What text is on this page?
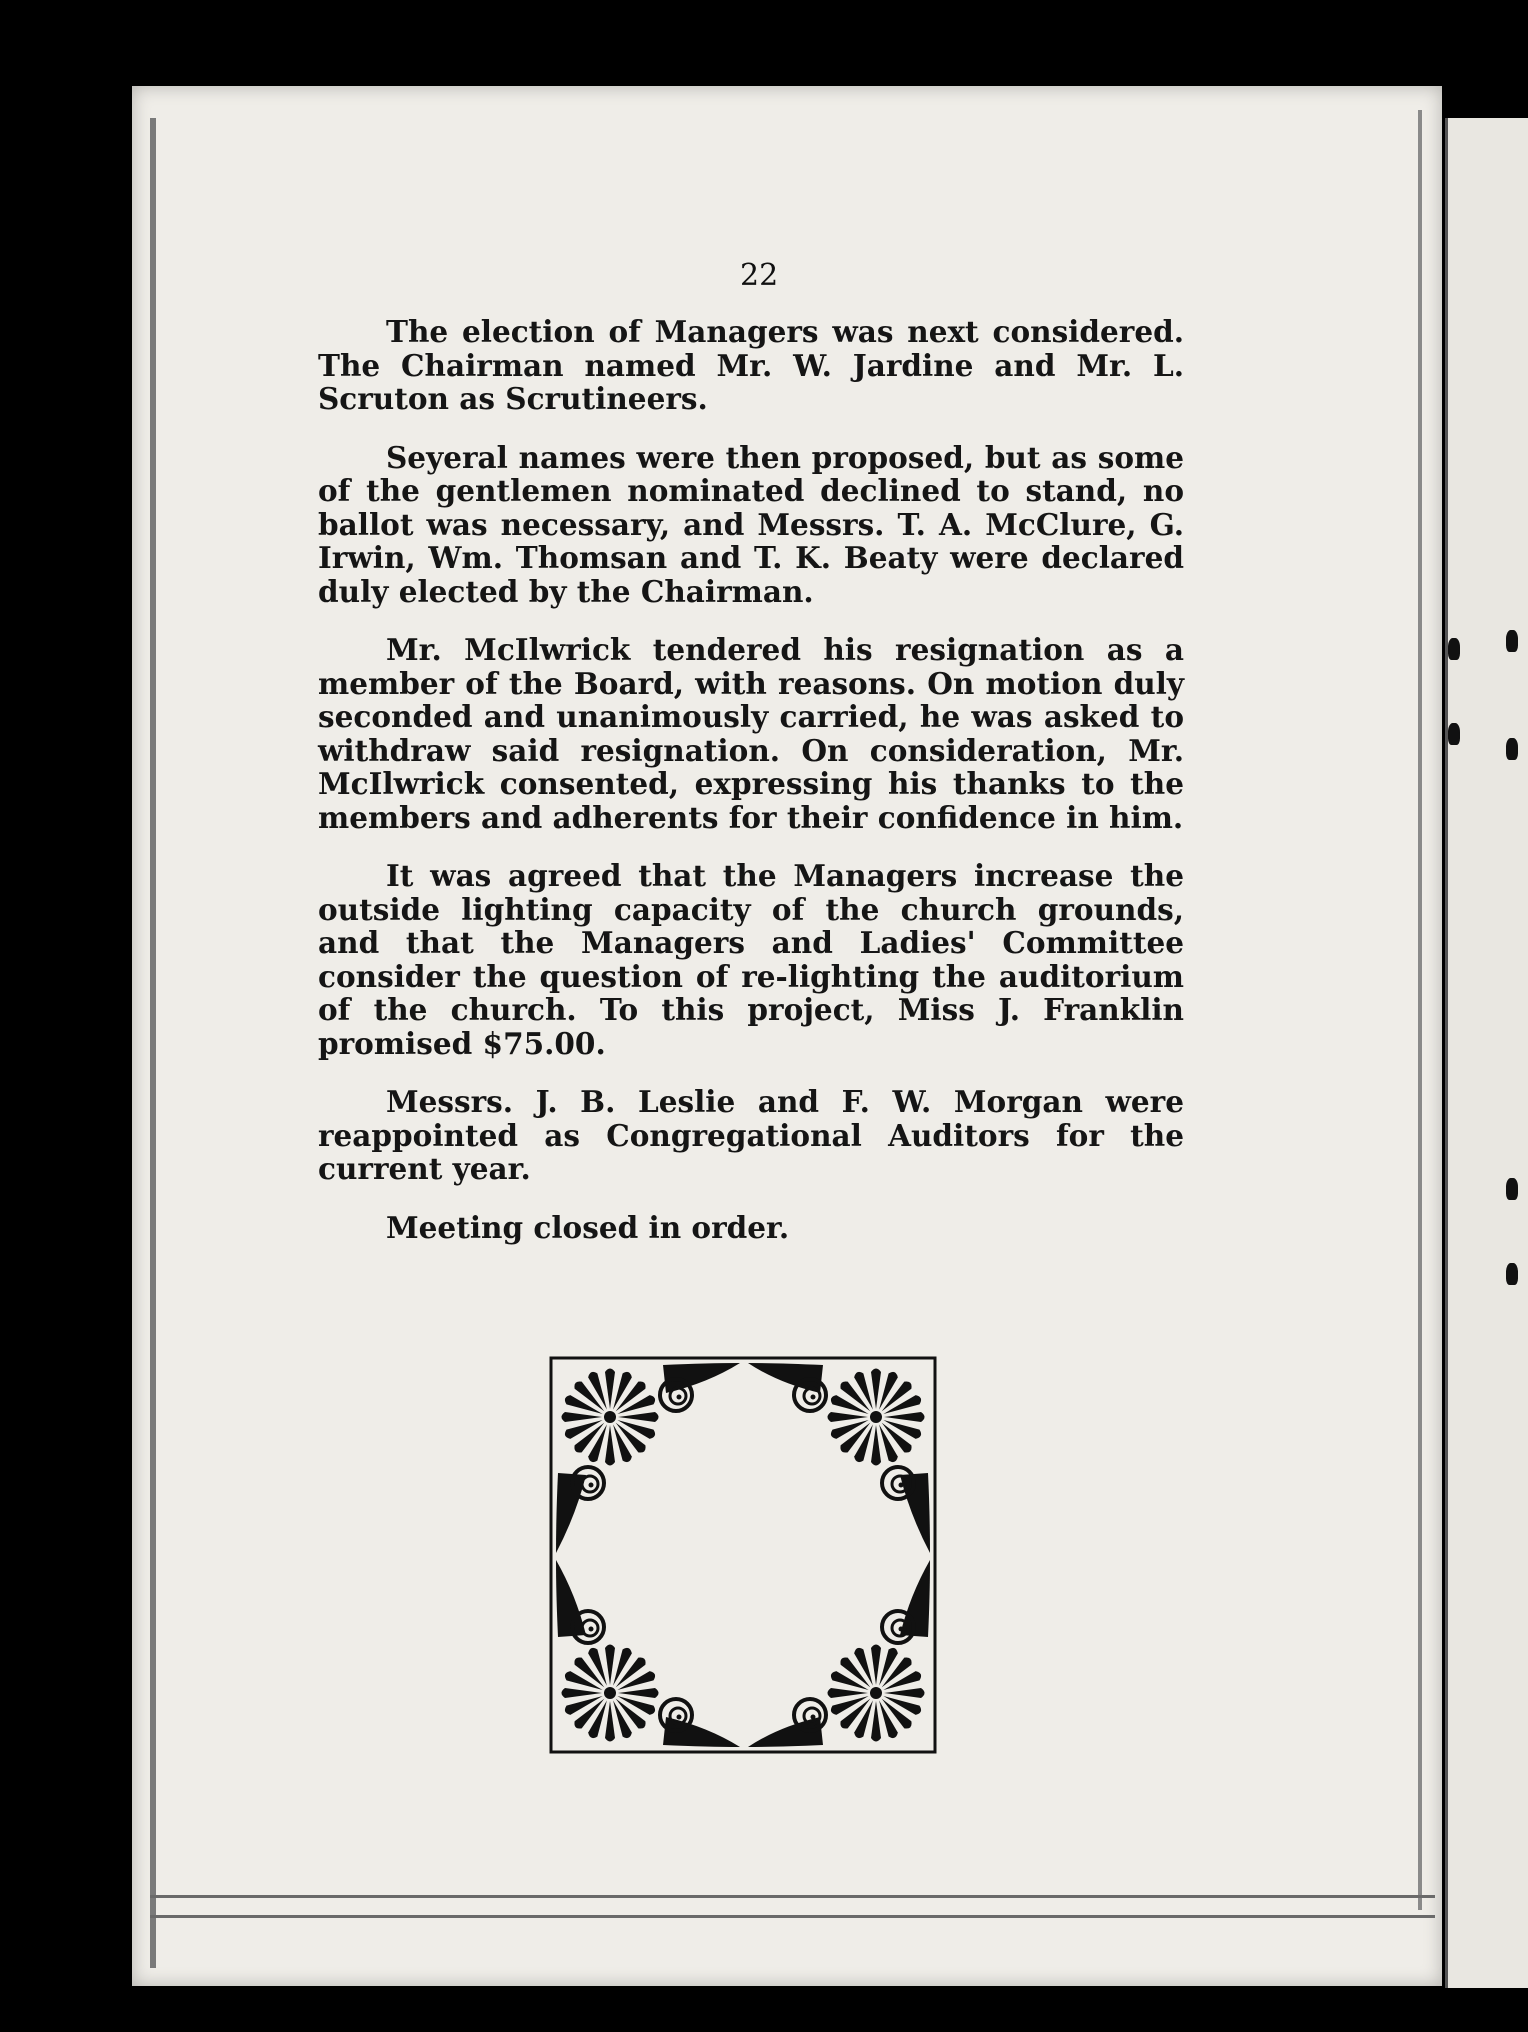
22

The election of Managers was next considered. The Chairman named Mr. W. Jardine and Mr. L. Scruton as Scrutineers.

Seyeral names were then proposed, but as some of the gentlemen nominated declined to stand, no ballot was necessary, and Messrs. T. A. McClure, G. Irwin, Wm. Thomsan and T. K. Beaty were declared duly elected by the Chairman.

Mr. McIlwrick tendered his resignation as a member of the Board, with reasons. On motion duly seconded and unanimously carried, he was asked to withdraw said resignation. On consideration, Mr. McIlwrick consented, expressing his thanks to the members and adherents for their confidence in him.

It was agreed that the Managers increase the outside lighting capacity of the church grounds, and that the Managers and Ladies' Committee consider the question of re-lighting the auditorium of the church. To this project, Miss J. Franklin promised $75.00.

Messrs. J. B. Leslie and F. W. Morgan were reappointed as Congregational Auditors for the current year.

Meeting closed in order.
